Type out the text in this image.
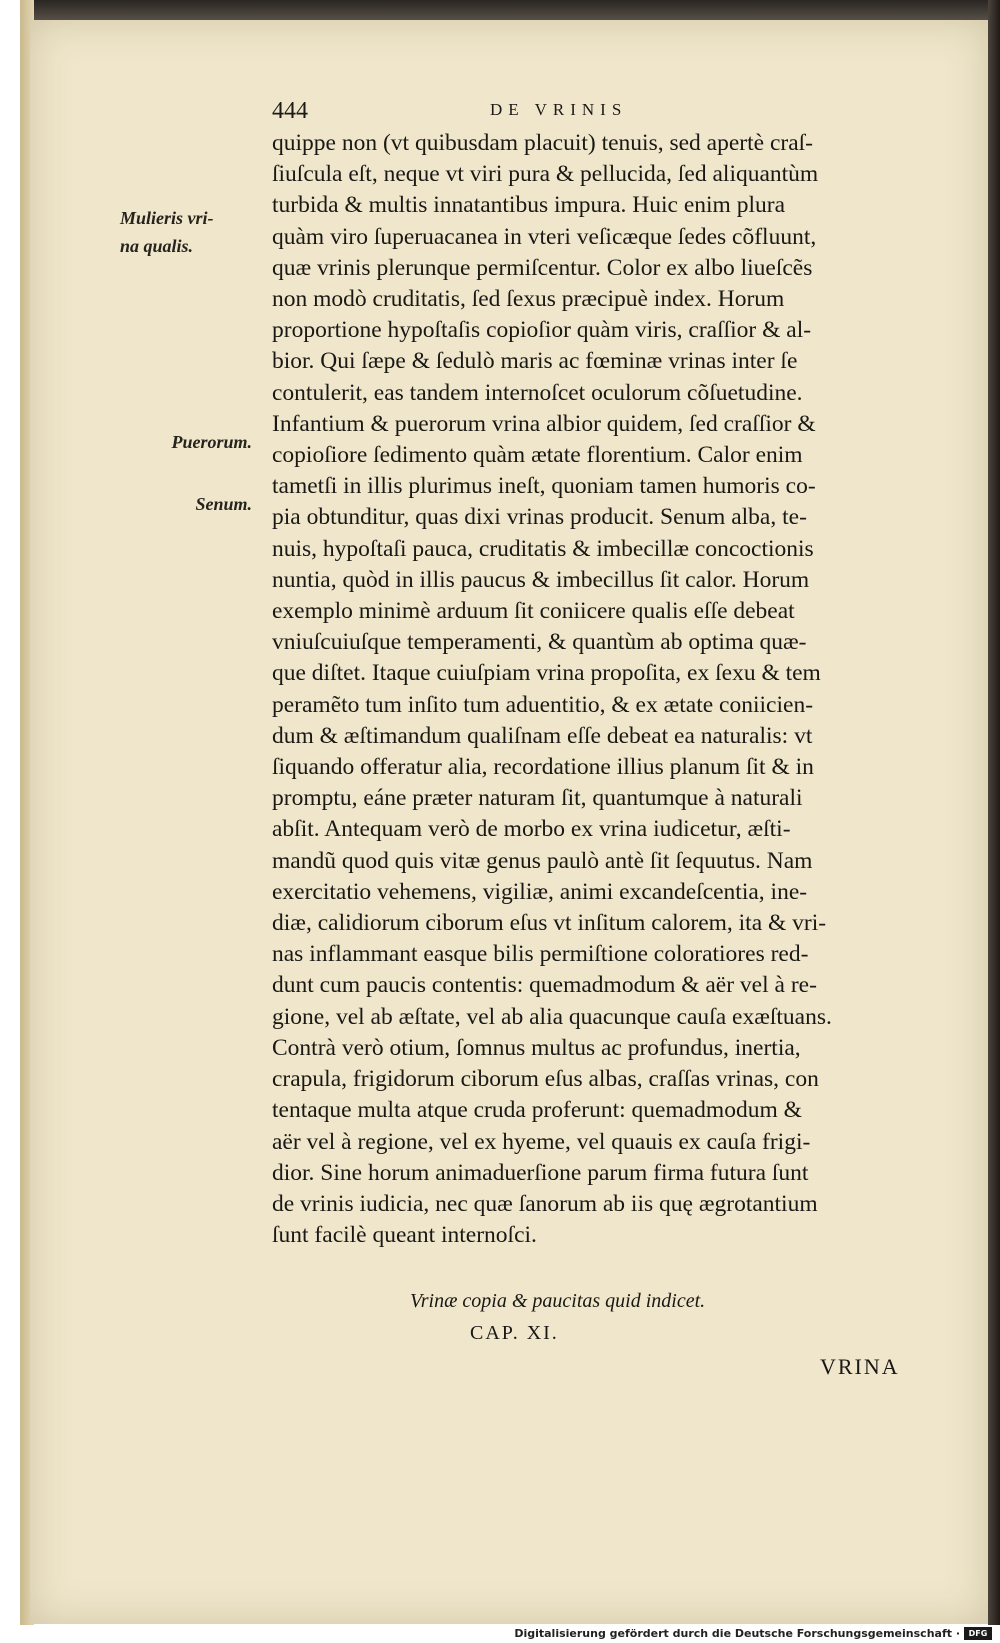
444	DE VRINIS
Mulieris vri-
na qualis.
Puerorum.
Senum.
quippe non (vt quibusdam placuit) tenuis, sed apertè craſ-
ſiuſcula eſt, neque vt viri pura & pellucida, ſed aliquantùm
turbida & multis innatantibus impura. Huic enim plura
quàm viro ſuperuacanea in vteri veſicæque ſedes cõfluunt,
quæ vrinis plerunque permiſcentur. Color ex albo liueſcẽs
non modò cruditatis, ſed ſexus præcipuè index. Horum
proportione hypoſtaſis copioſior quàm viris, craſſior & al-
bior. Qui ſæpe & ſedulò maris ac fœminæ vrinas inter ſe
contulerit, eas tandem internoſcet oculorum cõſuetudine.
Infantium & puerorum vrina albior quidem, ſed craſſior &
copioſiore ſedimento quàm ætate florentium. Calor enim
tametſi in illis plurimus ineſt, quoniam tamen humoris co-
pia obtunditur, quas dixi vrinas producit. Senum alba, te-
nuis, hypoſtaſi pauca, cruditatis & imbecillæ concoctionis
nuntia, quòd in illis paucus & imbecillus ſit calor. Horum
exemplo minimè arduum ſit coniicere qualis eſſe debeat
vniuſcuiuſque temperamenti, & quantùm ab optima quæ-
que diſtet. Itaque cuiuſpiam vrina propoſita, ex ſexu & tem
peramẽto tum inſito tum aduentitio, & ex ætate coniicien-
dum & æſtimandum qualiſnam eſſe debeat ea naturalis: vt
ſiquando offeratur alia, recordatione illius planum ſit & in
promptu, eáne præter naturam ſit, quantumque à naturali
abſit. Antequam verò de morbo ex vrina iudicetur, æſti-
mandũ quod quis vitæ genus paulò antè ſit ſequutus. Nam
exercitatio vehemens, vigiliæ, animi excandeſcentia, ine-
diæ, calidiorum ciborum eſus vt inſitum calorem, ita & vri-
nas inflammant easque bilis permiſtione coloratiores red-
dunt cum paucis contentis: quemadmodum & aër vel à re-
gione, vel ab æſtate, vel ab alia quacunque cauſa exæſtuans.
Contrà verò otium, ſomnus multus ac profundus, inertia,
crapula, frigidorum ciborum eſus albas, craſſas vrinas, con
tentaque multa atque cruda proferunt: quemadmodum &
aër vel à regione, vel ex hyeme, vel quauis ex cauſa frigi-
dior. Sine horum animaduerſione parum firma futura ſunt
de vrinis iudicia, nec quæ ſanorum ab iis quę ægrotantium
ſunt facilè queant internoſci.
Vrinæ copia & paucitas quid indicet.
CAP. XI.
VRINA
Digitalisierung gefördert durch die Deutsche Forschungsgemeinschaft ·	DFG
